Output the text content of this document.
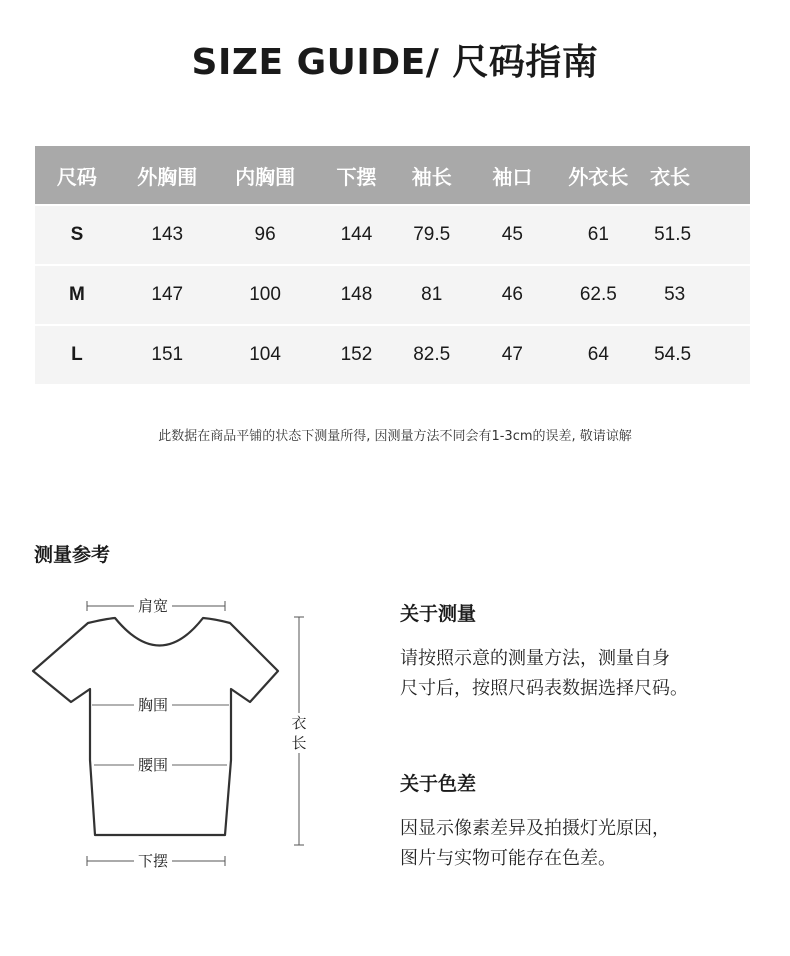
SIZE GUIDE/ 尺码指南
尺码	外胸围	内胸围	下摆	袖长	袖口	外衣长	衣长
S	143	96	144	79.5	45	61	51.5
M	147	100	148	81	46	62.5	53
L	151	104	152	82.5	47	64	54.5
此数据在商品平铺的状态下测量所得, 因测量方法不同会有1-3cm的误差, 敬请谅解
测量参考
肩宽
胸围
腰围
下摆
衣
长
关于测量
请按照示意的测量方法，测量自身
尺寸后，按照尺码表数据选择尺码。
关于色差
因显示像素差异及拍摄灯光原因，
图片与实物可能存在色差。
